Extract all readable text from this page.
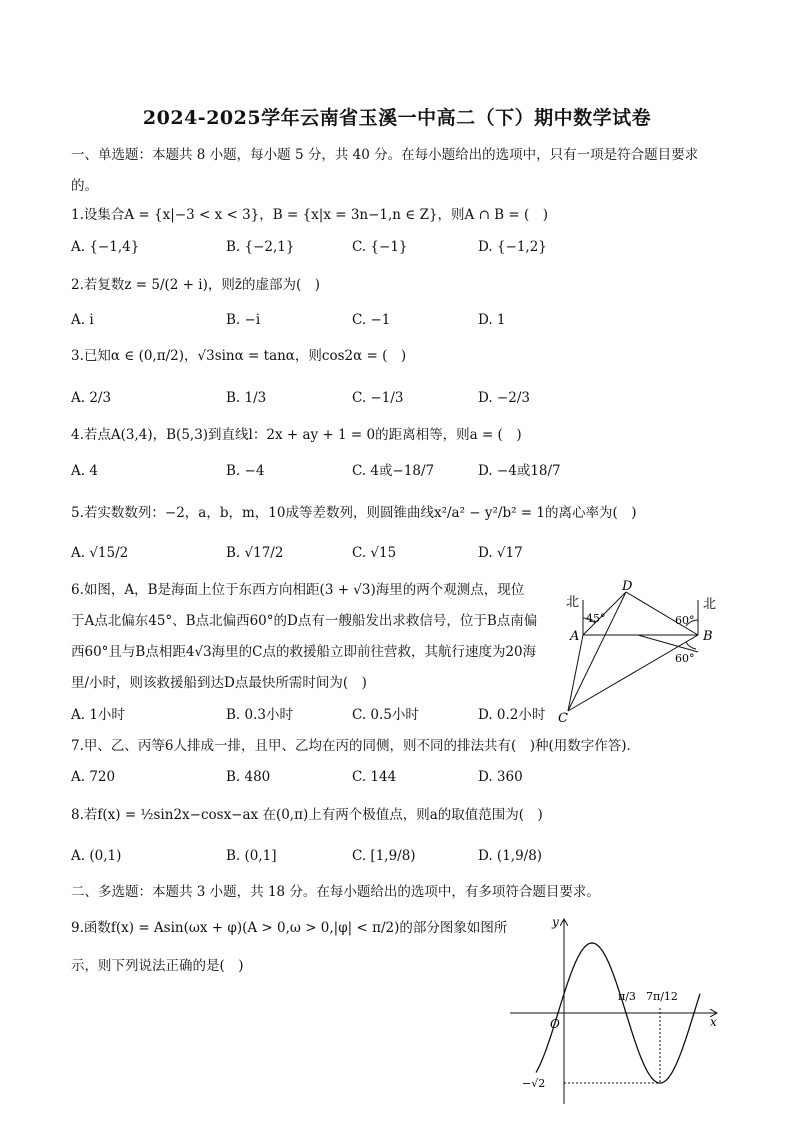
2024-2025学年云南省玉溪一中高二（下）期中数学试卷
一、单选题：本题共 8 小题，每小题 5 分，共 40 分。在每小题给出的选项中，只有一项是符合题目要求
的。
1.设集合A = {x|−3 < x < 3}，B = {x|x = 3n−1,n ∈ Z}，则A ∩ B = (　)
A. {−1,4}	B. {−2,1}	C. {−1}	D. {−1,2}
2.若复数z = 5/(2 + i)，则z̄的虚部为(　)
A. i	B. −i	C. −1	D. 1
3.已知α ∈ (0,π/2)，√3sinα = tanα，则cos2α = (　)
A. 2/3	B. 1/3	C. −1/3	D. −2/3
4.若点A(3,4)，B(5,3)到直线l：2x + ay + 1 = 0的距离相等，则a = (　)
A. 4	B. −4	C. 4或−18/7	D. −4或18/7
5.若实数数列：−2，a，b，m，10成等差数列，则圆锥曲线x²/a² − y²/b² = 1的离心率为(　)
A. √15/2	B. √17/2	C. √15	D. √17
6.如图，A，B是海面上位于东西方向相距(3 + √3)海里的两个观测点，现位
于A点北偏东45°、B点北偏西60°的D点有一艘船发出求救信号，位于B点南偏
西60°且与B点相距4√3海里的C点的救援船立即前往营救，其航行速度为20海
里/小时，则该救援船到达D点最快所需时间为(　)
A. 1小时	B. 0.3小时	C. 0.5小时	D. 0.2小时
北	北
A	B
C
D
45°	60°
60°
7.甲、乙、丙等6人排成一排，且甲、乙均在丙的同侧，则不同的排法共有(　)种(用数字作答)．
A. 720	B. 480	C. 144	D. 360
8.若f(x) = ½sin2x−cosx−ax 在(0,π)上有两个极值点，则a的取值范围为(　)
A. (0,1)	B. (0,1]	C. [1,9/8)	D. (1,9/8)
二、多选题：本题共 3 小题，共 18 分。在每小题给出的选项中，有多项符合题目要求。
9.函数f(x) = Asin(ωx + φ)(A > 0,ω > 0,|φ| < π/2)的部分图象如图所
示，则下列说法正确的是(　)
y
x
O
π/3 7π/12
−√2
